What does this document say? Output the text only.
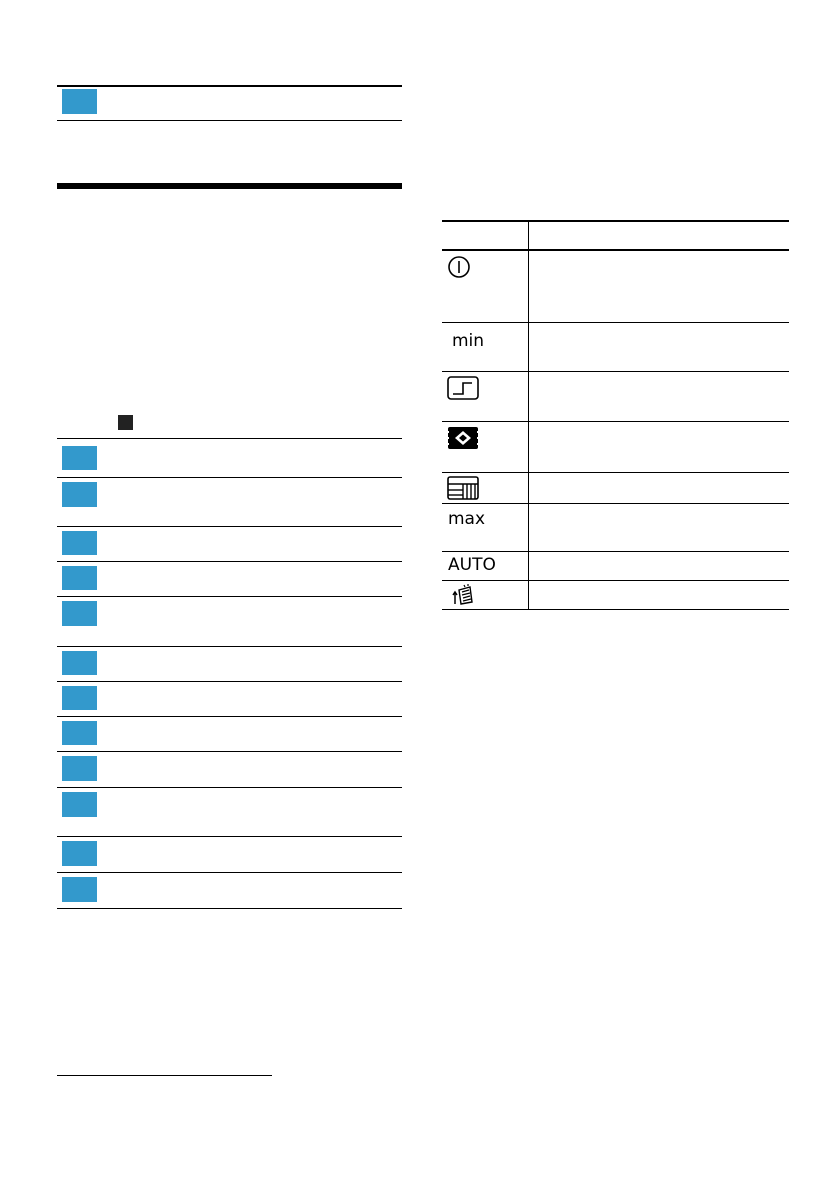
min
max
AUTO
